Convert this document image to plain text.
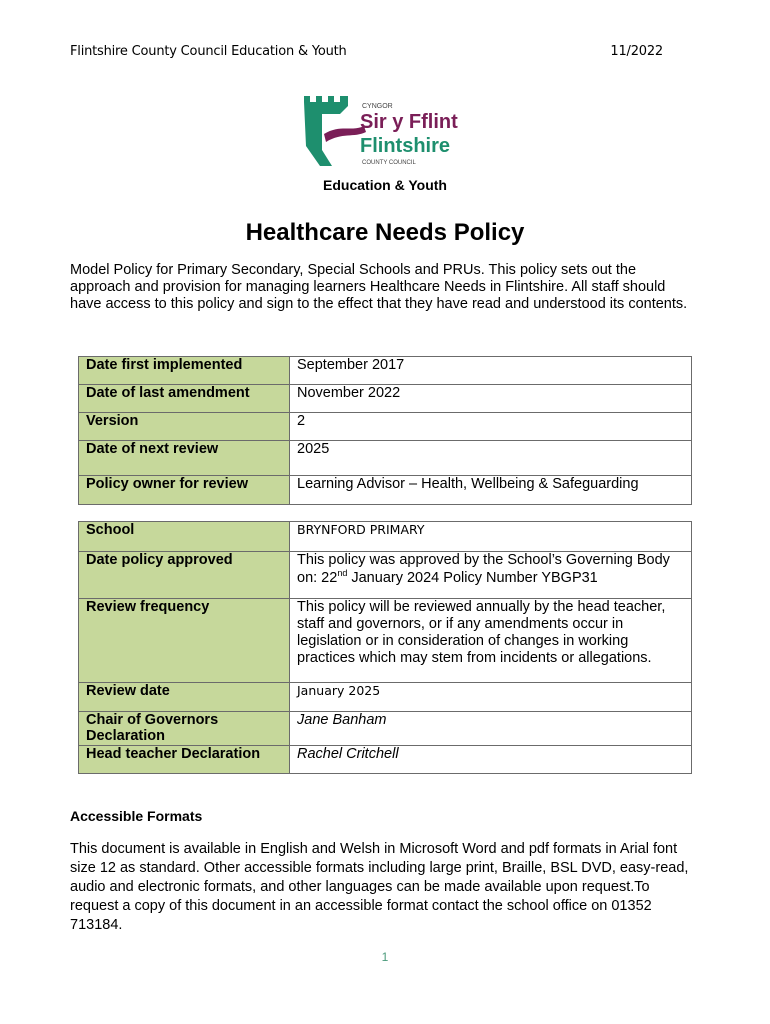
Flintshire County Council Education & Youth	11/2022
CYNGOR
Sir y Fflint
Flintshire
COUNTY COUNCIL
Education & Youth
Healthcare Needs Policy
Model Policy for Primary Secondary, Special Schools and PRUs. This policy sets out the approach and provision for managing learners Healthcare Needs in Flintshire. All staff should have access to this policy and sign to the effect that they have read and understood its contents.
Date first implemented	September 2017
Date of last amendment	November 2022
Version	2
Date of next review	2025
Policy owner for review	Learning Advisor – Health, Wellbeing & Safeguarding
School	BRYNFORD PRIMARY
Date policy approved	This policy was approved by the School’s Governing Body on: 22nd January 2024 Policy Number YBGP31
Review frequency	This policy will be reviewed annually by the head teacher, staff and governors, or if any amendments occur in legislation or in consideration of changes in working practices which may stem from incidents or allegations.
Review date	January 2025
Chair of Governors Declaration	Jane Banham
Head teacher Declaration	Rachel Critchell
Accessible Formats
This document is available in English and Welsh in Microsoft Word and pdf formats in Arial font size 12 as standard. Other accessible formats including large print, Braille, BSL DVD, easy-read, audio and electronic formats, and other languages can be made available upon request.To request a copy of this document in an accessible format contact the school office on 01352 713184.
1
